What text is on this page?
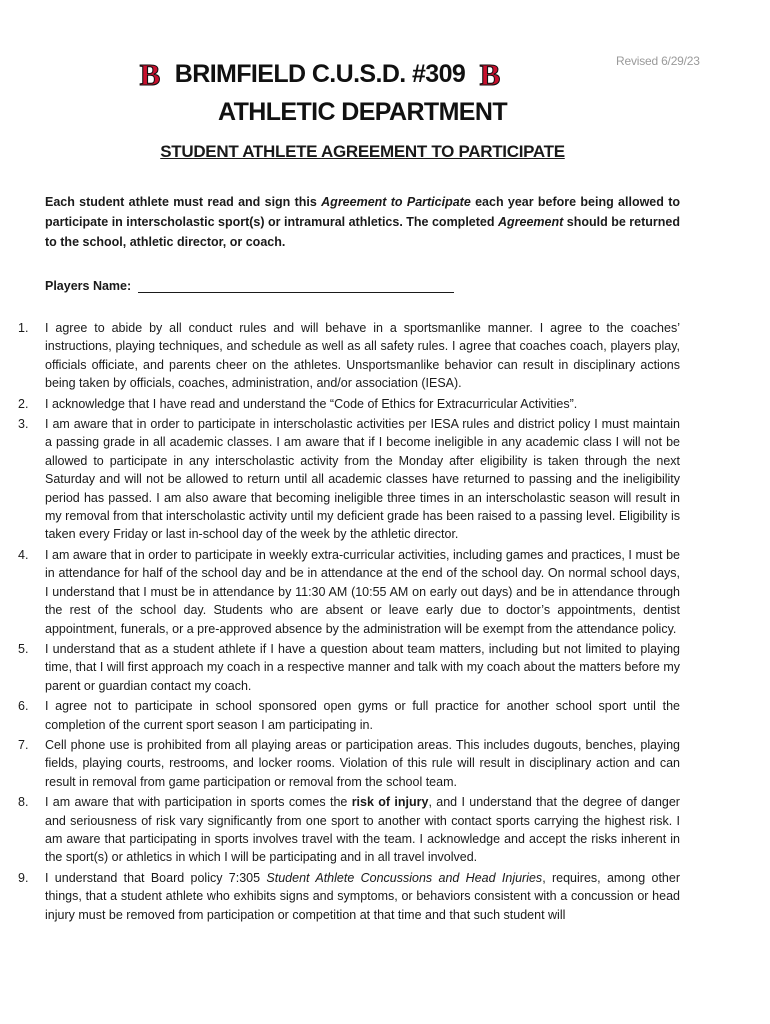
Revised 6/29/23
B BRIMFIELD C.U.S.D. #309 B
ATHLETIC DEPARTMENT
STUDENT ATHLETE AGREEMENT TO PARTICIPATE
Each student athlete must read and sign this Agreement to Participate each year before being allowed to participate in interscholastic sport(s) or intramural athletics. The completed Agreement should be returned to the school, athletic director, or coach.
Players Name:
1.	I agree to abide by all conduct rules and will behave in a sportsmanlike manner. I agree to the coaches’ instructions, playing techniques, and schedule as well as all safety rules. I agree that coaches coach, players play, officials officiate, and parents cheer on the athletes. Unsportsmanlike behavior can result in disciplinary actions being taken by officials, coaches, administration, and/or association (IESA).
2.	I acknowledge that I have read and understand the “Code of Ethics for Extracurricular Activities”.
3.	I am aware that in order to participate in interscholastic activities per IESA rules and district policy I must maintain a passing grade in all academic classes. I am aware that if I become ineligible in any academic class I will not be allowed to participate in any interscholastic activity from the Monday after eligibility is taken through the next Saturday and will not be allowed to return until all academic classes have returned to passing and the ineligibility period has passed. I am also aware that becoming ineligible three times in an interscholastic season will result in my removal from that interscholastic activity until my deficient grade has been raised to a passing level. Eligibility is taken every Friday or last in-school day of the week by the athletic director.
4.	I am aware that in order to participate in weekly extra-curricular activities, including games and practices, I must be in attendance for half of the school day and be in attendance at the end of the school day. On normal school days, I understand that I must be in attendance by 11:30 AM (10:55 AM on early out days) and be in attendance through the rest of the school day. Students who are absent or leave early due to doctor’s appointments, dentist appointment, funerals, or a pre-approved absence by the administration will be exempt from the attendance policy.
5.	I understand that as a student athlete if I have a question about team matters, including but not limited to playing time, that I will first approach my coach in a respective manner and talk with my coach about the matters before my parent or guardian contact my coach.
6.	I agree not to participate in school sponsored open gyms or full practice for another school sport until the completion of the current sport season I am participating in.
7.	Cell phone use is prohibited from all playing areas or participation areas. This includes dugouts, benches, playing fields, playing courts, restrooms, and locker rooms. Violation of this rule will result in disciplinary action and can result in removal from game participation or removal from the school team.
8.	I am aware that with participation in sports comes the risk of injury, and I understand that the degree of danger and seriousness of risk vary significantly from one sport to another with contact sports carrying the highest risk. I am aware that participating in sports involves travel with the team. I acknowledge and accept the risks inherent in the sport(s) or athletics in which I will be participating and in all travel involved.
9.	I understand that Board policy 7:305 Student Athlete Concussions and Head Injuries, requires, among other things, that a student athlete who exhibits signs and symptoms, or behaviors consistent with a concussion or head injury must be removed from participation or competition at that time and that such student will
